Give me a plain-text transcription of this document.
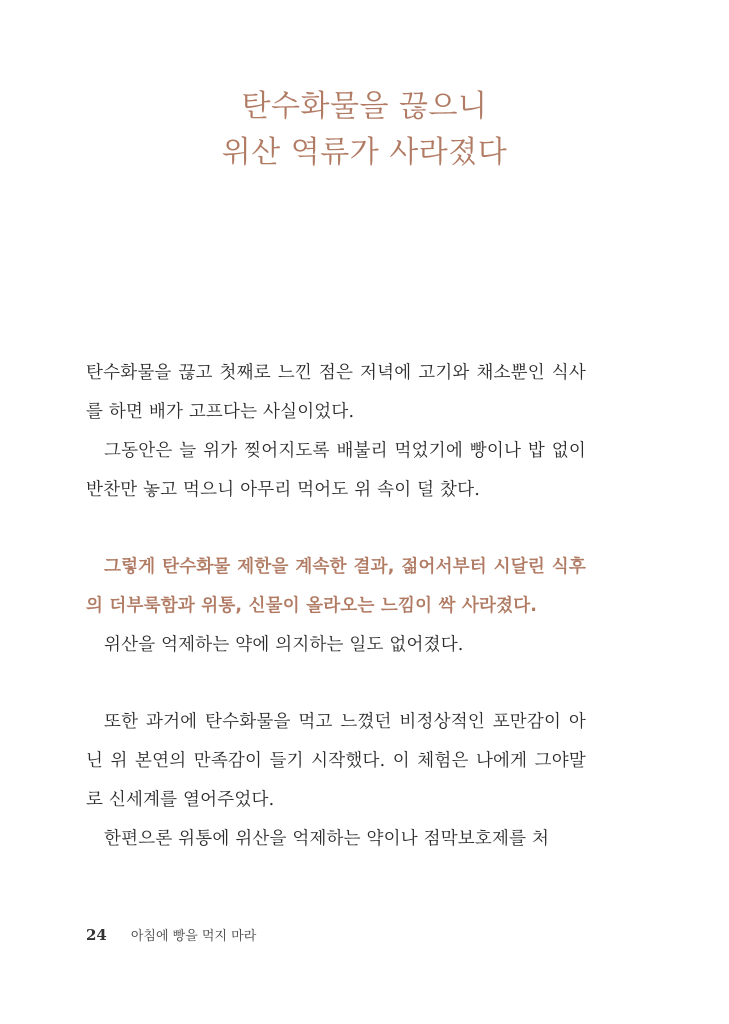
탄수화물을 끊으니
위산 역류가 사라졌다

탄수화물을 끊고 첫째로 느낀 점은 저녁에 고기와 채소뿐인 식사를 하면 배가 고프다는 사실이었다.

그동안은 늘 위가 찢어지도록 배불리 먹었기에 빵이나 밥 없이 반찬만 놓고 먹으니 아무리 먹어도 위 속이 덜 찼다.

그렇게 탄수화물 제한을 계속한 결과, 젊어서부터 시달린 식후의 더부룩함과 위통, 신물이 올라오는 느낌이 싹 사라졌다.

위산을 억제하는 약에 의지하는 일도 없어졌다.

또한 과거에 탄수화물을 먹고 느꼈던 비정상적인 포만감이 아닌 위 본연의 만족감이 들기 시작했다. 이 체험은 나에게 그야말로 신세계를 열어주었다.

한편으론 위통에 위산을 억제하는 약이나 점막보호제를 처

24 아침에 빵을 먹지 마라
